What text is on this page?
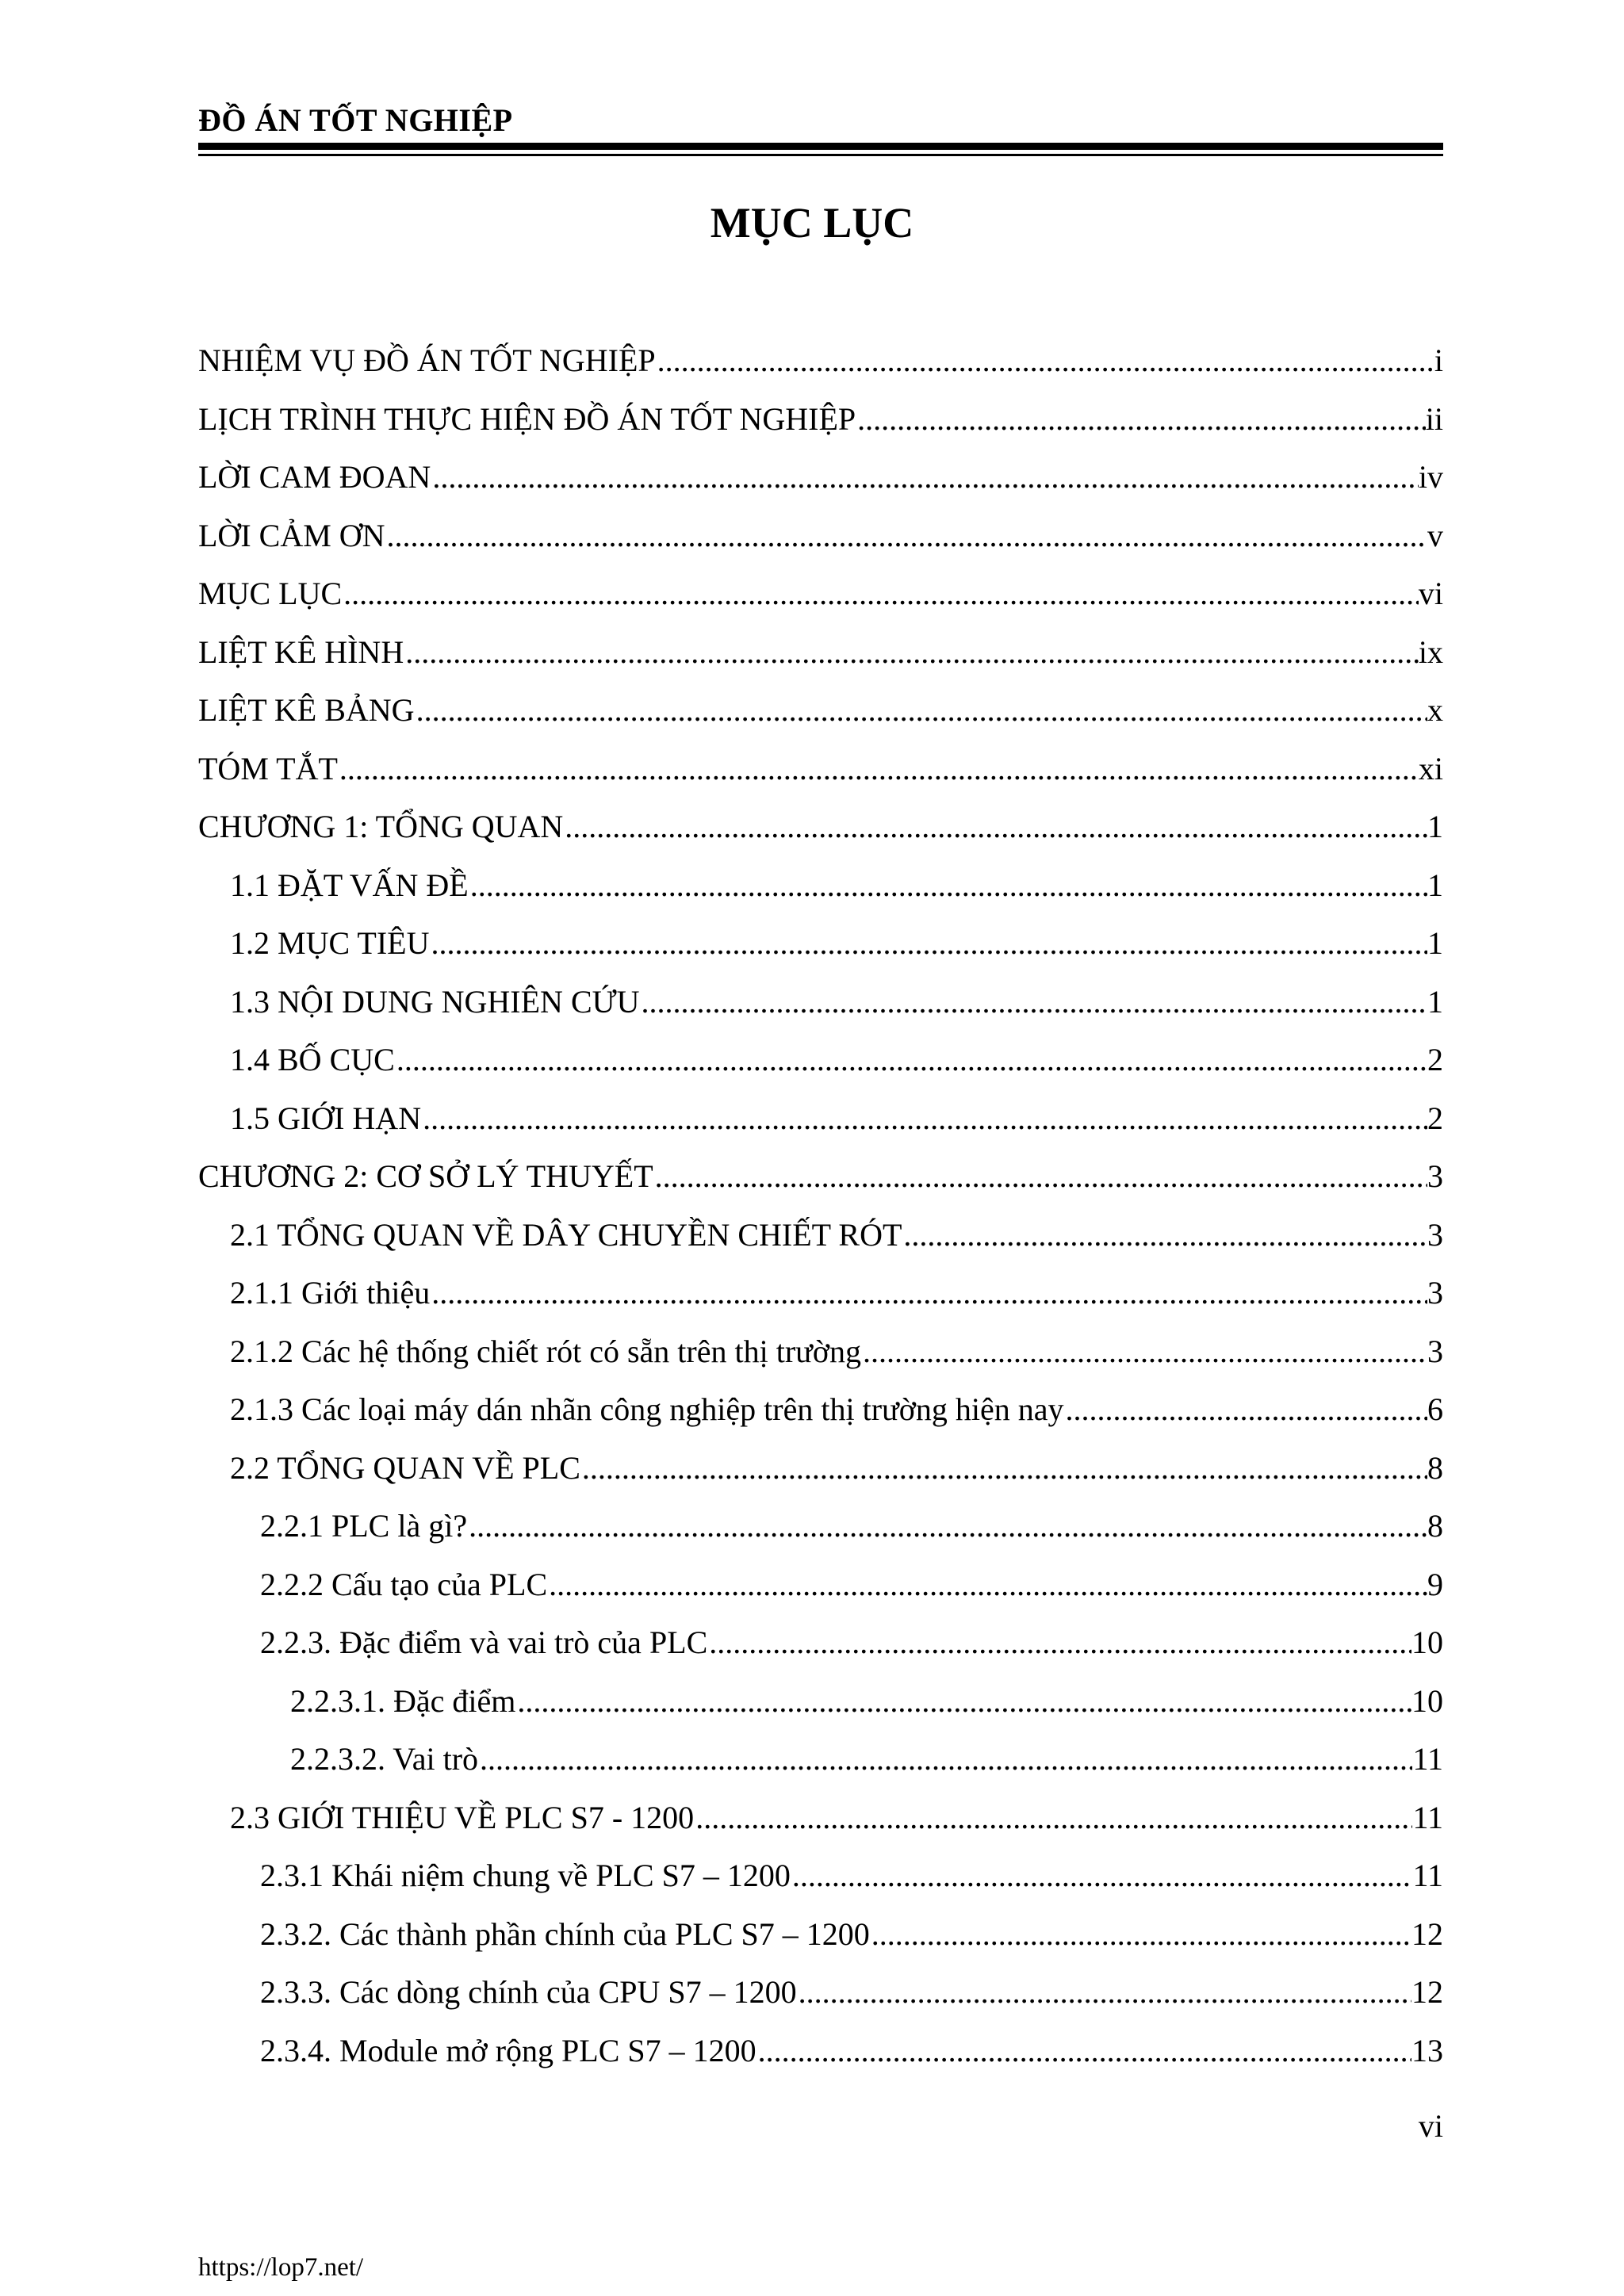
ĐỒ ÁN TỐT NGHIỆP
MỤC LỤC
NHIỆM VỤ ĐỒ ÁN TỐT NGHIỆP .....	i
LỊCH TRÌNH THỰC HIỆN ĐỒ ÁN TỐT NGHIỆP .....	ii
LỜI CAM ĐOAN .....	iv
LỜI CẢM ƠN .....	v
MỤC LỤC .....	vi
LIỆT KÊ HÌNH .....	ix
LIỆT KÊ BẢNG .....	x
TÓM TẮT .....	xi
CHƯƠNG 1: TỔNG QUAN .....	1
1.1 ĐẶT VẤN ĐỀ .....	1
1.2 MỤC TIÊU .....	1
1.3 NỘI DUNG NGHIÊN CỨU .....	1
1.4 BỐ CỤC .....	2
1.5 GIỚI HẠN .....	2
CHƯƠNG 2: CƠ SỞ LÝ THUYẾT .....	3
2.1 TỔNG QUAN VỀ DÂY CHUYỀN CHIẾT RÓT .....	3
2.1.1 Giới thiệu .....	3
2.1.2 Các hệ thống chiết rót có sẵn trên thị trường .....	3
2.1.3 Các loại máy dán nhãn công nghiệp trên thị trường hiện nay .....	6
2.2 TỔNG QUAN VỀ PLC .....	8
2.2.1 PLC là gì? .....	8
2.2.2 Cấu tạo của PLC .....	9
2.2.3. Đặc điểm và vai trò của PLC .....	10
2.2.3.1. Đặc điểm .....	10
2.2.3.2. Vai trò .....	11
2.3 GIỚI THIỆU VỀ PLC S7 - 1200 .....	11
2.3.1 Khái niệm chung về PLC S7 – 1200 .....	11
2.3.2. Các thành phần chính của PLC S7 – 1200 .....	12
2.3.3. Các dòng chính của CPU S7 – 1200 .....	12
2.3.4. Module mở rộng PLC S7 – 1200 .....	13
vi
https://lop7.net/
